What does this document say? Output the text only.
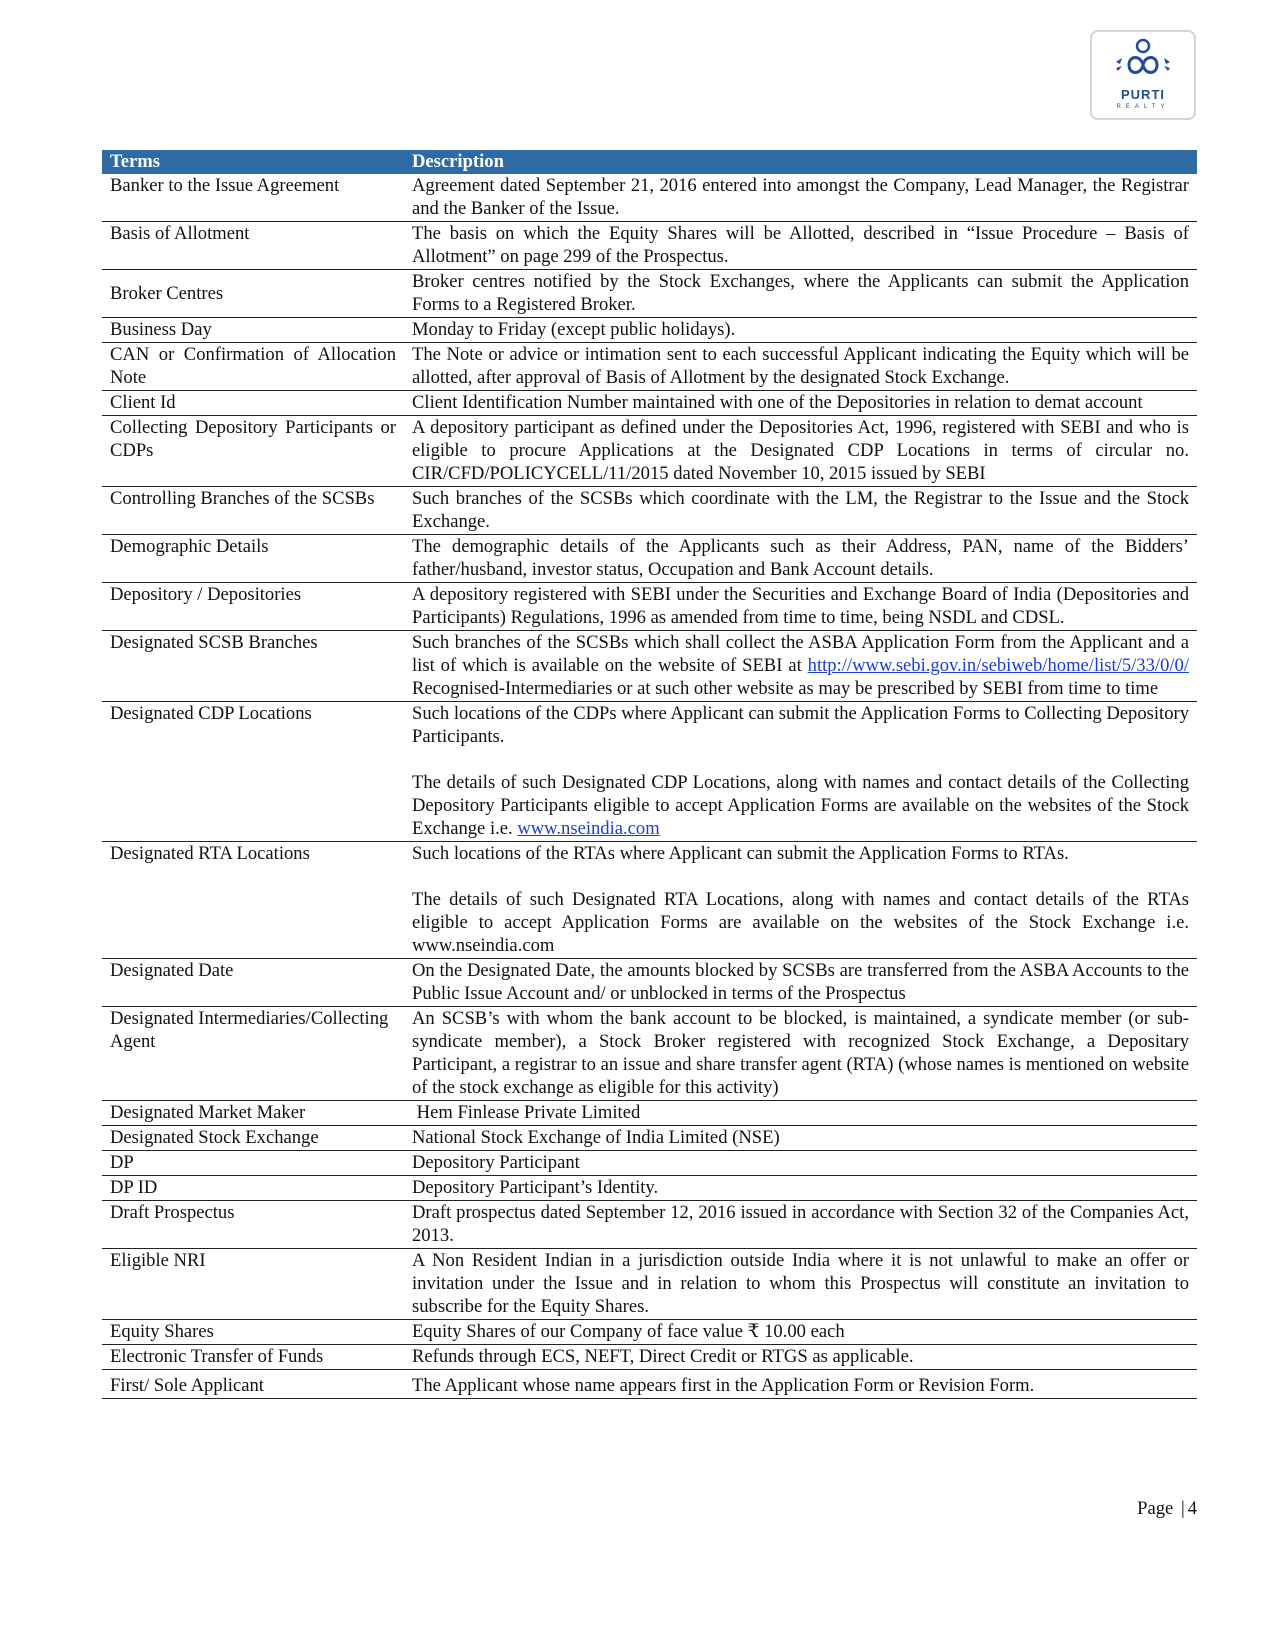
PURTI
REALTY
Terms	Description
Banker to the Issue Agreement	Agreement dated September 21, 2016 entered into amongst the Company, Lead Manager, the Registrar and the Banker of the Issue.
Basis of Allotment	The basis on which the Equity Shares will be Allotted, described in “Issue Procedure – Basis of Allotment” on page 299 of the Prospectus.
Broker Centres	Broker centres notified by the Stock Exchanges, where the Applicants can submit the Application Forms to a Registered Broker.
Business Day	Monday to Friday (except public holidays).
CAN or Confirmation of Allocation Note	The Note or advice or intimation sent to each successful Applicant indicating the Equity which will be allotted, after approval of Basis of Allotment by the designated Stock Exchange.
Client Id	Client Identification Number maintained with one of the Depositories in relation to demat account
Collecting Depository Participants or CDPs	A depository participant as defined under the Depositories Act, 1996, registered with SEBI and who is eligible to procure Applications at the Designated CDP Locations in terms of circular no. CIR/CFD/POLICYCELL/11/2015 dated November 10, 2015 issued by SEBI
Controlling Branches of the SCSBs	Such branches of the SCSBs which coordinate with the LM, the Registrar to the Issue and the Stock Exchange.
Demographic Details	The demographic details of the Applicants such as their Address, PAN, name of the Bidders’ father/husband, investor status, Occupation and Bank Account details.
Depository / Depositories	A depository registered with SEBI under the Securities and Exchange Board of India (Depositories and Participants) Regulations, 1996 as amended from time to time, being NSDL and CDSL.
Designated SCSB Branches	Such branches of the SCSBs which shall collect the ASBA Application Form from the Applicant and a list of which is available on the website of SEBI at http://www.sebi.gov.in/sebiweb/home/list/5/33/0/0/ Recognised-Intermediaries or at such other website as may be prescribed by SEBI from time to time
Designated CDP Locations	Such locations of the CDPs where Applicant can submit the Application Forms to Collecting Depository Participants.

The details of such Designated CDP Locations, along with names and contact details of the Collecting Depository Participants eligible to accept Application Forms are available on the websites of the Stock Exchange i.e. www.nseindia.com

Designated RTA Locations	Such locations of the RTAs where Applicant can submit the Application Forms to RTAs.

The details of such Designated RTA Locations, along with names and contact details of the RTAs eligible to accept Application Forms are available on the websites of the Stock Exchange i.e. www.nseindia.com

Designated Date	On the Designated Date, the amounts blocked by SCSBs are transferred from the ASBA Accounts to the Public Issue Account and/ or unblocked in terms of the Prospectus
Designated Intermediaries/Collecting Agent	An SCSB’s with whom the bank account to be blocked, is maintained, a syndicate member (or sub-syndicate member), a Stock Broker registered with recognized Stock Exchange, a Depositary Participant, a registrar to an issue and share transfer agent (RTA) (whose names is mentioned on website of the stock exchange as eligible for this activity)
Designated Market Maker	Hem Finlease Private Limited
Designated Stock Exchange	National Stock Exchange of India Limited (NSE)
DP	Depository Participant
DP ID	Depository Participant’s Identity.
Draft Prospectus	Draft prospectus dated September 12, 2016 issued in accordance with Section 32 of the Companies Act, 2013.
Eligible NRI	A Non Resident Indian in a jurisdiction outside India where it is not unlawful to make an offer or invitation under the Issue and in relation to whom this Prospectus will constitute an invitation to subscribe for the Equity Shares.
Equity Shares	Equity Shares of our Company of face value ₹ 10.00 each
Electronic Transfer of Funds	Refunds through ECS, NEFT, Direct Credit or RTGS as applicable.
First/ Sole Applicant	The Applicant whose name appears first in the Application Form or Revision Form.
Page | 4
